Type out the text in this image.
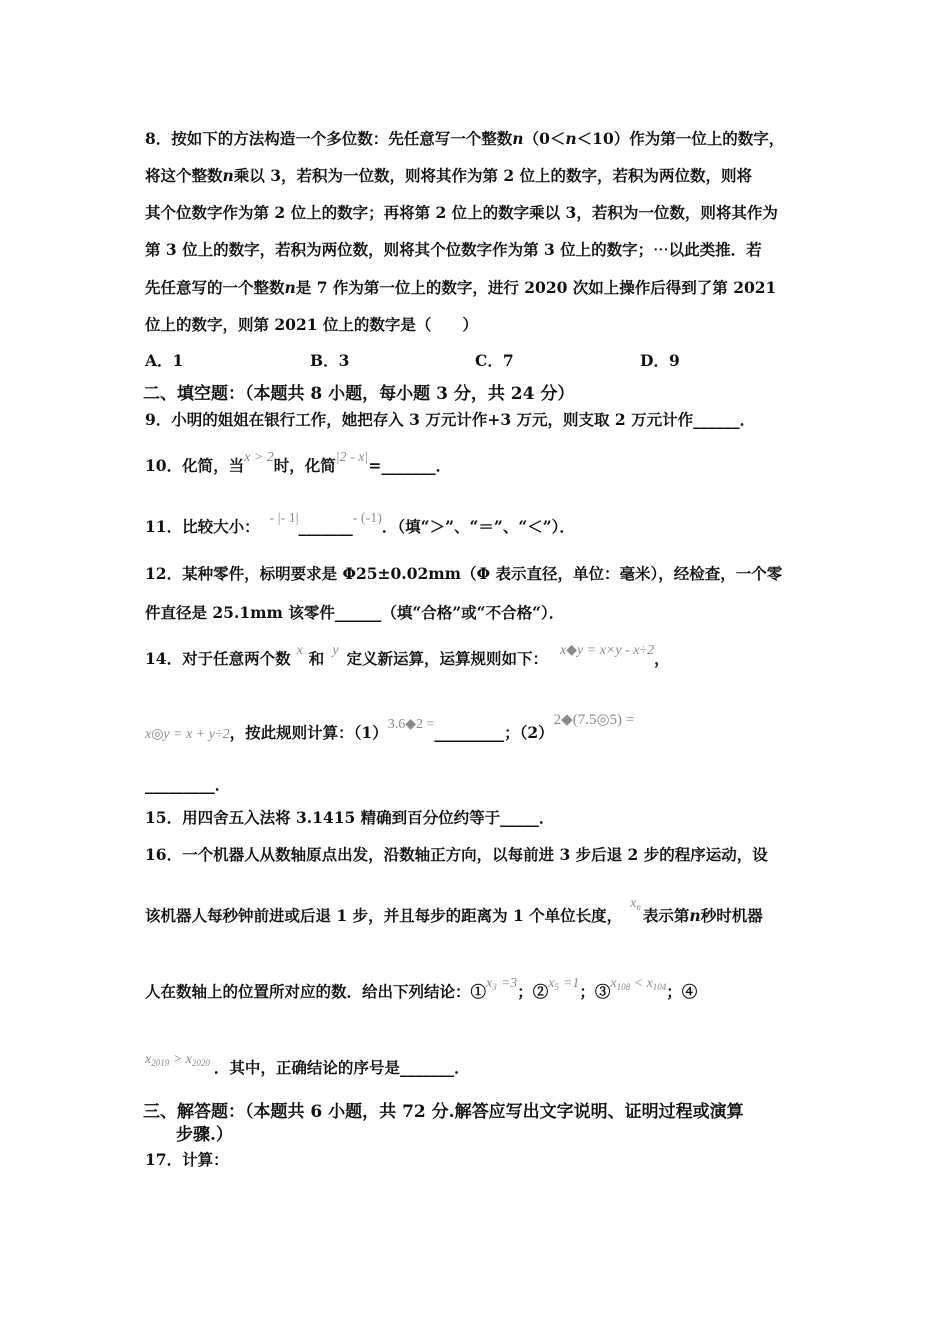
8．按如下的方法构造一个多位数：先任意写一个整数n（0＜n＜10）作为第一位上的数字，
将这个整数n乘以 3，若积为一位数，则将其作为第 2 位上的数字，若积为两位数，则将
其个位数字作为第 2 位上的数字；再将第 2 位上的数字乘以 3，若积为一位数，则将其作为
第 3 位上的数字，若积为两位数，则将其个位数字作为第 3 位上的数字；⋯以此类推．若
先任意写的一个整数n是 7 作为第一位上的数字，进行 2020 次如上操作后得到了第 2021
位上的数字，则第 2021 位上的数字是（　　）
A．1	B．3	C．7	D．9
二、填空题：（本题共 8 小题，每小题 3 分，共 24 分）
9．小明的姐姐在银行工作，她把存入 3 万元计作+3 万元，则支取 2 万元计作______．
10．化简，当x > 2时，化简|2 - x|=_______．
11．比较大小： - |- 1|_______- (-1)．（填“＞”、“＝”、“＜”）．
12．某种零件，标明要求是 Φ25±0.02mm（Φ 表示直径，单位：毫米），经检查，一个零
件直径是 25.1mm 该零件______（填“合格”或“不合格“）．
14．对于任意两个数 x 和 y 定义新运算，运算规则如下： x◆y = x×y - x÷2，
x◎y = x + y÷2，按此规则计算：（1）3.6◆2 =_________；（2）2◆(7.5◎5) =
_________．
15．用四舍五入法将 3.1415 精确到百分位约等于_____．
16．一个机器人从数轴原点出发，沿数轴正方向，以每前进 3 步后退 2 步的程序运动，设
该机器人每秒钟前进或后退 1 步，并且每步的距离为 1 个单位长度，$x_n$ 表示第n秒时机器
人在数轴上的位置所对应的数．给出下列结论：$①x_3 =3$；$②x_5 =1$；$③x_{108} < x_{104}$；④
$x_{2019} > x_{2020}$ ．其中，正确结论的序号是_______．
三、解答题：（本题共 6 小题，共 72 分.解答应写出文字说明、证明过程或演算
步骤.）
17．计算：
